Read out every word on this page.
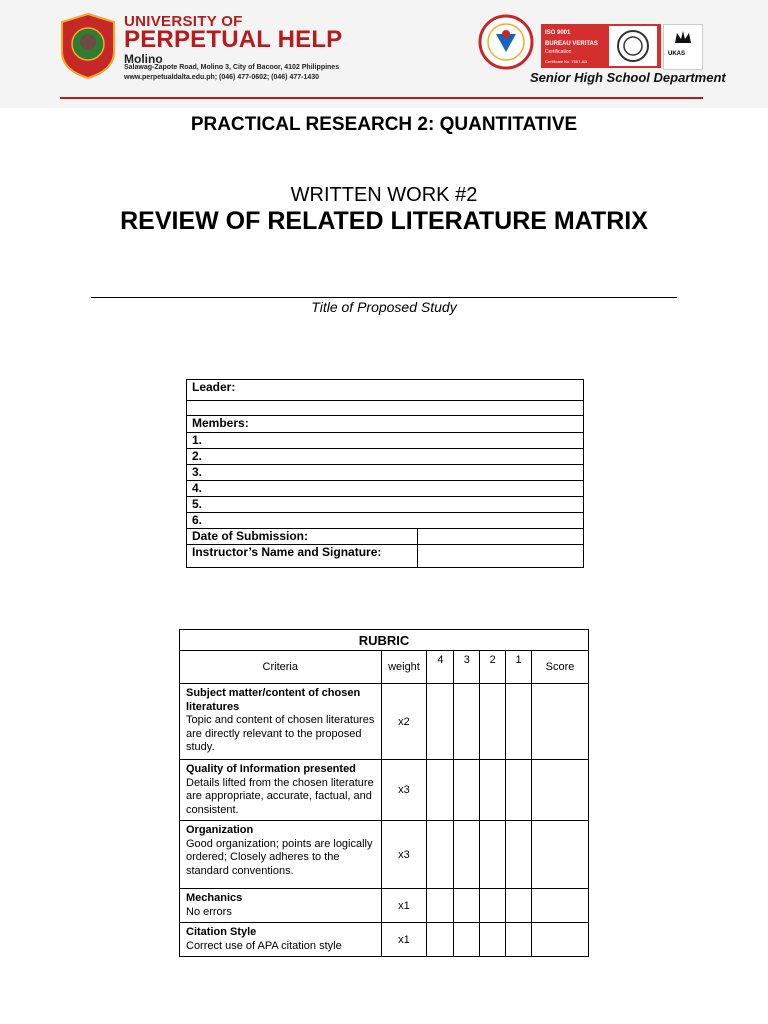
UNIVERSITY OF
PERPETUAL HELP
Molino
Salawag-Zapote Road, Molino 3, City of Bacoor, 4102 Philippines
www.perpetualdalta.edu.ph; (046) 477-0602; (046) 477-1430
ISO 9001
BUREAU VERITAS
Certification
Certificate No. 7667-AB
UKAS
Senior High School Department
PRACTICAL RESEARCH 2: QUANTITATIVE
WRITTEN WORK #2
REVIEW OF RELATED LITERATURE MATRIX
Title of Proposed Study
Leader:	

Members:	
1.	
2.	
3.	
4.	
5.	
6.	
Date of Submission:	
Instructor’s Name and Signature:	
RUBRIC						
Criteria	weight	4	3	2	1	Score

Subject matter/content of chosen literatures
Topic and content of chosen literatures are directly relevant to the proposed study.	x2					

Quality of Information presented
Details lifted from the chosen literature are appropriate, accurate, factual, and consistent.	x3					

Organization
Good organization; points are logically ordered; Closely adheres to the standard conventions.	x3					

Mechanics
No errors	x1					

Citation Style
Correct use of APA citation style	x1					
